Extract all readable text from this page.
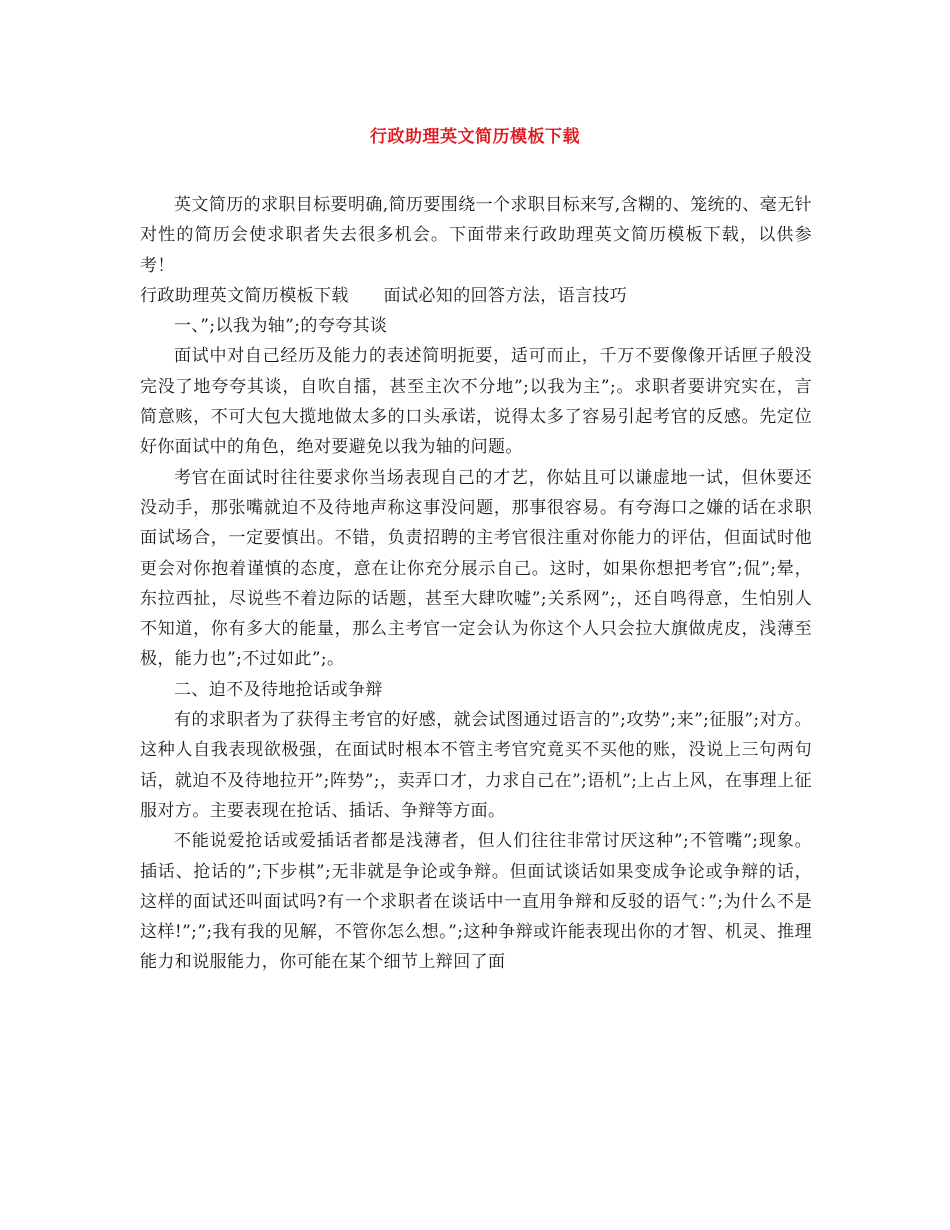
行政助理英文简历模板下载

英文简历的求职目标要明确,简历要围绕一个求职目标来写,含糊的、笼统的、毫无针对性的简历会使求职者失去很多机会。下面带来行政助理英文简历模板下载，以供参考！

行政助理英文简历模板下载　　面试必知的回答方法，语言技巧

一、”;以我为轴”;的夸夸其谈

面试中对自己经历及能力的表述简明扼要，适可而止，千万不要像像开话匣子般没完没了地夸夸其谈，自吹自擂，甚至主次不分地”;以我为主”;。求职者要讲究实在，言简意赅，不可大包大揽地做太多的口头承诺，说得太多了容易引起考官的反感。先定位好你面试中的角色，绝对要避免以我为轴的问题。

考官在面试时往往要求你当场表现自己的才艺，你姑且可以谦虚地一试，但休要还没动手，那张嘴就迫不及待地声称这事没问题，那事很容易。有夸海口之嫌的话在求职面试场合，一定要慎出。不错，负责招聘的主考官很注重对你能力的评估，但面试时他更会对你抱着谨慎的态度，意在让你充分展示自己。这时，如果你想把考官”;侃”;晕，东拉西扯，尽说些不着边际的话题，甚至大肆吹嘘”;关系网”;，还自鸣得意，生怕别人不知道，你有多大的能量，那么主考官一定会认为你这个人只会拉大旗做虎皮，浅薄至极，能力也”;不过如此”;。

二、迫不及待地抢话或争辩

有的求职者为了获得主考官的好感，就会试图通过语言的”;攻势”;来”;征服”;对方。这种人自我表现欲极强，在面试时根本不管主考官究竟买不买他的账，没说上三句两句话，就迫不及待地拉开”;阵势”;，卖弄口才，力求自己在”;语机”;上占上风，在事理上征服对方。主要表现在抢话、插话、争辩等方面。

不能说爱抢话或爱插话者都是浅薄者，但人们往往非常讨厌这种”;不管嘴”;现象。插话、抢话的”;下步棋”;无非就是争论或争辩。但面试谈话如果变成争论或争辩的话，这样的面试还叫面试吗?有一个求职者在谈话中一直用争辩和反驳的语气：”;为什么不是这样!”;”;我有我的见解，不管你怎么想。”;这种争辩或许能表现出你的才智、机灵、推理能力和说服能力，你可能在某个细节上辩回了面
